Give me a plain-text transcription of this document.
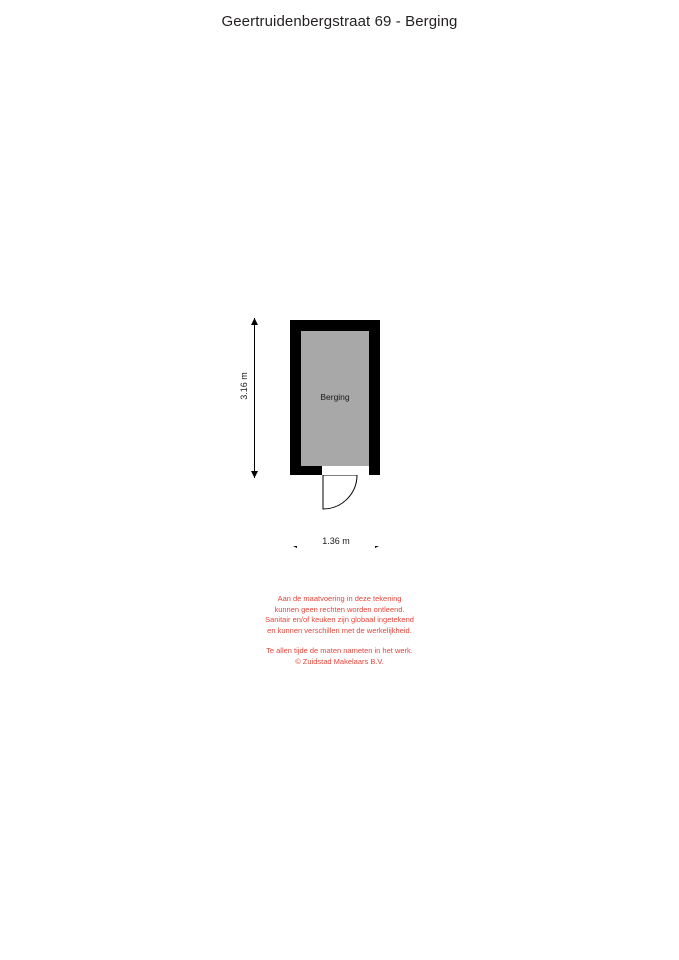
Geertruidenbergstraat 69 - Berging
Berging
3.16 m
1.36 m
Aan de maatvoering in deze tekening
kunnen geen rechten worden ontleend.
Sanitair en/of keuken zijn globaal ingetekend
en kunnen verschillen met de werkelijkheid.
Te allen tijde de maten nameten in het werk.
© Zuidstad Makelaars B.V.
